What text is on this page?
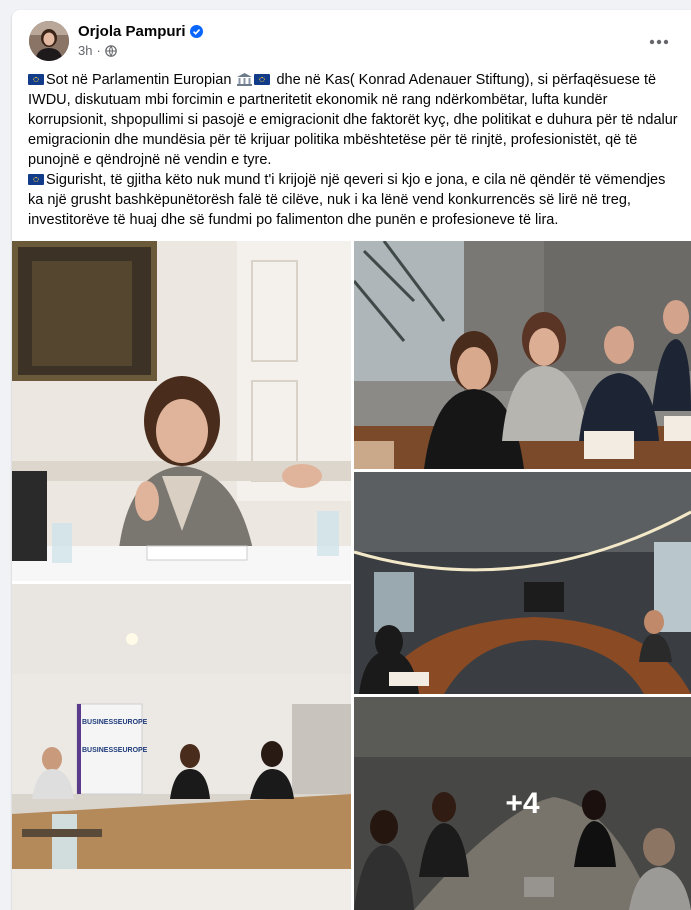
Orjola Pampuri
3h ·

Sot në Parlamentin Europian	dhe në Kas( Konrad Adenauer Stiftung), si përfaqësuese të IWDU, diskutuam mbi forcimin e partneritetit ekonomik në rang ndërkombëtar, lufta kundër korrupsionit, shpopullimi si pasojë e emigracionit dhe faktorët kyç, dhe politikat e duhura për të ndalur emigracionin dhe mundësia për të krijuar politika mbështetëse për të rinjtë, profesionistët, që të punojnë e qëndrojnë në vendin e tyre.

Sigurisht, të gjitha këto nuk mund t'i krijojë një qeveri si kjo e jona, e cila në qëndër të vëmendjes ka një grusht bashkëpunëtorësh falë të cilëve, nuk i ka lënë vend konkurrencës së lirë në treg, investitorëve të huaj dhe së fundmi po falimenton dhe punën e profesioneve të lira.

BUSINESSEUROPE
BUSINESSEUROPE
+4
